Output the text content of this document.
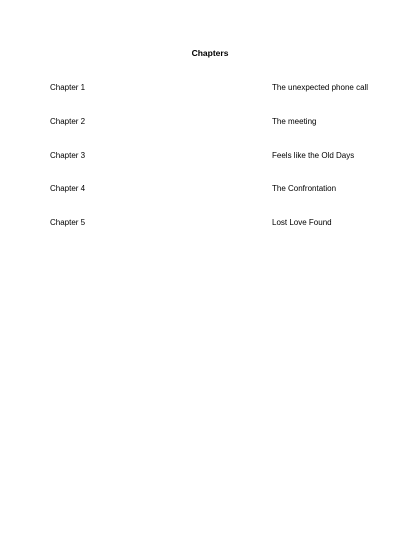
Chapters
Chapter 1	The unexpected phone call
Chapter 2	The meeting
Chapter 3	Feels like the Old Days
Chapter 4	The Confrontation
Chapter 5	Lost Love Found
